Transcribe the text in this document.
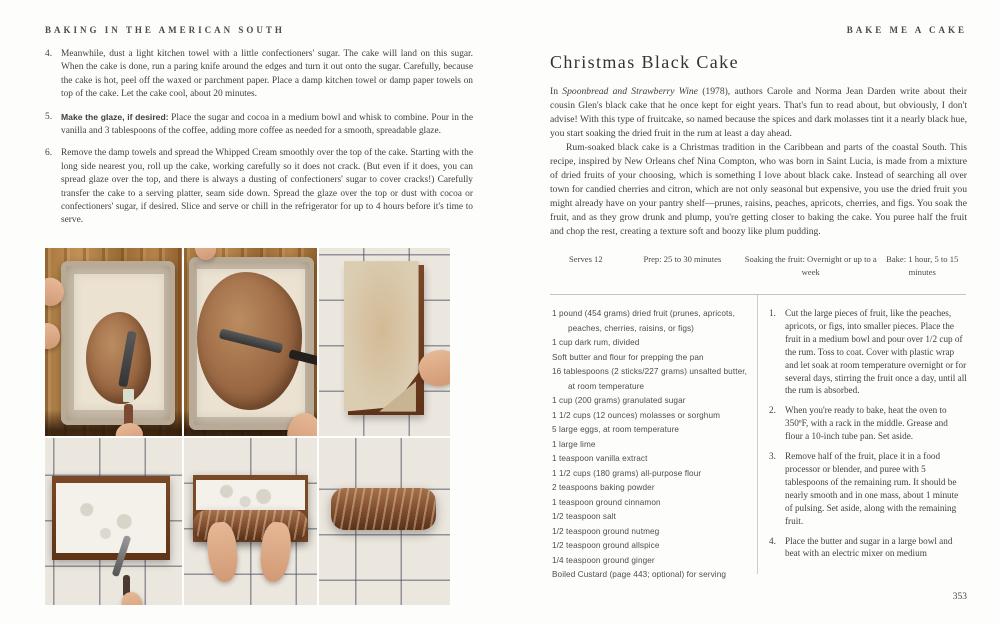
BAKING IN THE AMERICAN SOUTH
4. Meanwhile, dust a light kitchen towel with a little confectioners' sugar. The cake will land on this sugar. When the cake is done, run a paring knife around the edges and turn it out onto the sugar. Carefully, because the cake is hot, peel off the waxed or parchment paper. Place a damp kitchen towel or damp paper towels on top of the cake. Let the cake cool, about 20 minutes.
5.	Make the glaze, if desired: Place the sugar and cocoa in a medium bowl and whisk to combine. Pour in the vanilla and 3 tablespoons of the coffee, adding more coffee as needed for a smooth, spreadable glaze.
6. Remove the damp towels and spread the Whipped Cream smoothly over the top of the cake. Starting with the long side nearest you, roll up the cake, working carefully so it does not crack. (But even if it does, you can spread glaze over the top, and there is always a dusting of confectioners' sugar to cover cracks!) Carefully transfer the cake to a serving platter, seam side down. Spread the glaze over the top or dust with cocoa or confectioners' sugar, if desired. Slice and serve or chill in the refrigerator for up to 4 hours before it's time to serve.
BAKE ME A CAKE
Christmas Black Cake

In Spoonbread and Strawberry Wine (1978), authors Carole and Norma Jean Darden write about their cousin Glen's black cake that he once kept for eight years. That's fun to read about, but obviously, I don't advise! With this type of fruitcake, so named because the spices and dark molasses tint it a nearly black hue, you start soaking the dried fruit in the rum at least a day ahead.

Rum-soaked black cake is a Christmas tradition in the Caribbean and parts of the coastal South. This recipe, inspired by New Orleans chef Nina Compton, who was born in Saint Lucia, is made from a mixture of dried fruits of your choosing, which is something I love about black cake. Instead of searching all over town for candied cherries and citron, which are not only seasonal but expensive, you use the dried fruit you might already have on your pantry shelf—prunes, raisins, peaches, apricots, cherries, and figs. You soak the fruit, and as they grow drunk and plump, you're getting closer to baking the cake. You puree half the fruit and chop the rest, creating a texture soft and boozy like plum pudding.

Serves 12	Prep: 25 to 30 minutes	Soaking the fruit: Overnight or up to a week
Bake: 1 hour, 5 to 15 minutes
1 pound (454 grams) dried fruit (prunes, apricots, peaches, cherries, raisins, or figs)
1 cup dark rum, divided
Soft butter and flour for prepping the pan
16 tablespoons (2 sticks/227 grams) unsalted butter, at room temperature
1 cup (200 grams) granulated sugar
1 1/2 cups (12 ounces) molasses or sorghum
5 large eggs, at room temperature
1 large lime
1 teaspoon vanilla extract
1 1/2 cups (180 grams) all-purpose flour
2 teaspoons baking powder
1 teaspoon ground cinnamon
1/2 teaspoon salt
1/2 teaspoon ground nutmeg
1/2 teaspoon ground allspice
1/4 teaspoon ground ginger
Boiled Custard (page 443; optional) for serving
1. Cut the large pieces of fruit, like the peaches, apricots, or figs, into smaller pieces. Place the fruit in a medium bowl and pour over 1/2 cup of the rum. Toss to coat. Cover with plastic wrap and let soak at room temperature overnight or for several days, stirring the fruit once a day, until all the rum is absorbed.
2. When you're ready to bake, heat the oven to 350ºF, with a rack in the middle. Grease and flour a 10-inch tube pan. Set aside.
3. Remove half of the fruit, place it in a food processor or blender, and puree with 5 tablespoons of the remaining rum. It should be nearly smooth and in one mass, about 1 minute of pulsing. Set aside, along with the remaining fruit.
4. Place the butter and sugar in a large bowl and beat with an electric mixer on medium
353
